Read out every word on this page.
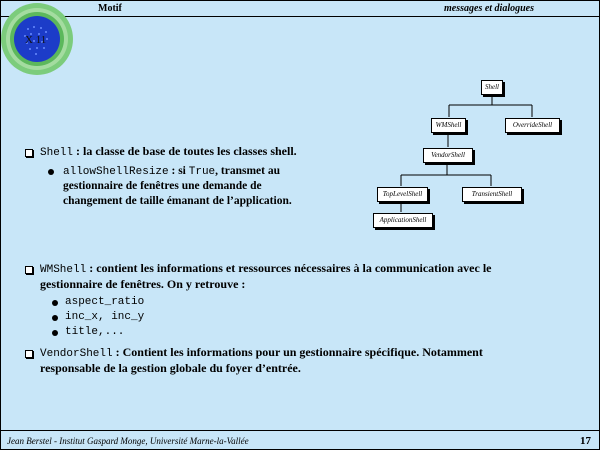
Motif	messages et dialogues
X 11
Shell
WMShell	OverrideShell
VendorShell
TopLevelShell	TransientShell
ApplicationShell
Shell : la classe de base de toutes les classes shell.
allowShellResize : si True, transmet au
gestionnaire de fenêtres une demande de
changement de taille émanant de l’application.
WMShell : contient les informations et ressources nécessaires à la communication avec le
gestionnaire de fenêtres. On y retrouve :
aspect_ratio
inc_x, inc_y
title,...
VendorShell : Contient les informations pour un gestionnaire spécifique. Notamment
responsable de la gestion globale du foyer d’entrée.
Jean Berstel - Institut Gaspard Monge, Université Marne-la-Vallée	17
